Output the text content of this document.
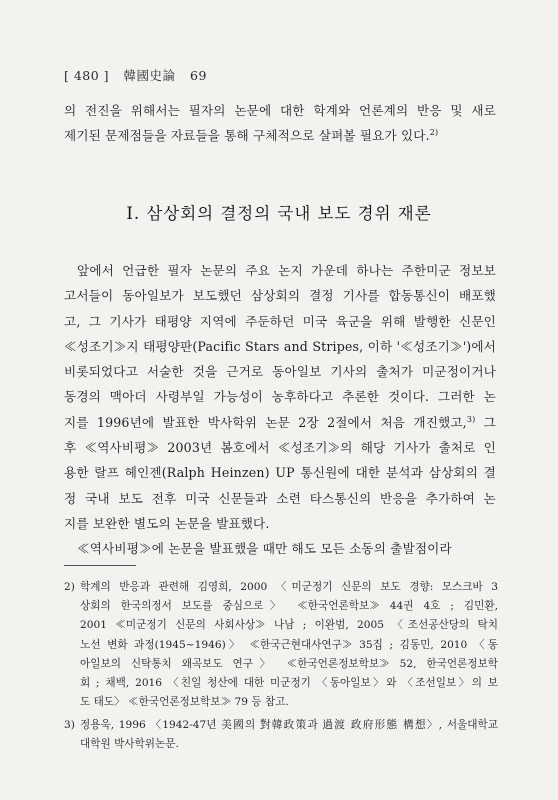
[ 480 ] 韓國史論 69
의 전진을 위해서는 필자의 논문에 대한 학계와 언론계의 반응 및 새로
제기된 문제점들을 자료들을 통해 구체적으로 살펴볼 필요가 있다.$^{2)}$
Ⅰ. 삼상회의 결정의 국내 보도 경위 재론
앞에서 언급한 필자 논문의 주요 논지 가운데 하나는 주한미군 정보보
고서들이 동아일보가 보도했던 삼상회의 결정 기사를 합동통신이 배포했
고, 그 기사가 태평양 지역에 주둔하던 미국 육군을 위해 발행한 신문인
≪성조기≫지 태평양판(Pacific Stars and Stripes, 이하 '≪성조기≫')에서
비롯되었다고 서술한 것을 근거로 동아일보 기사의 출처가 미군정이거나
동경의 맥아더 사령부일 가능성이 농후하다고 추론한 것이다. 그러한 논
지를 1996년에 발표한 박사학위 논문 2장 2절에서 처음 개진했고,$^{3)}$ 그
후 ≪역사비평≫ 2003년 봄호에서 ≪성조기≫의 해당 기사가 출처로 인
용한 랄프 헤인젠(Ralph Heinzen) UP 통신원에 대한 분석과 삼상회의 결
정 국내 보도 전후 미국 신문들과 소련 타스통신의 반응을 추가하여 논
지를 보완한 별도의 논문을 발표했다.
≪역사비평≫에 논문을 발표했을 때만 해도 모든 소동의 출발점이라
2) 학계의 반응과 관련해 김영희, 2000 〈미군정기 신문의 보도 경향: 모스크바 3
상회의 한국의정서 보도를 중심으로〉 ≪한국언론학보≫ 44권 4호 ; 김민환,
2001 ≪미군정기 신문의 사회사상≫ 나남 ; 이완범, 2005 〈조선공산당의 탁치
노선 변화 과정(1945~1946)〉 ≪한국근현대사연구≫ 35집 ; 김동민, 2010 〈동
아일보의 신탁통치 왜곡보도 연구〉 ≪한국언론정보학보≫ 52, 한국언론정보학
회 ; 채백, 2016 〈친일 청산에 대한 미군정기 〈동아일보〉와 〈조선일보〉의 보
도 태도〉 ≪한국언론정보학보≫ 79 등 참고.
3) 정용욱, 1996 〈1942-47년 美國의 對韓政策과 過渡 政府形態 構想〉, 서울대학교
대학원 박사학위논문.
